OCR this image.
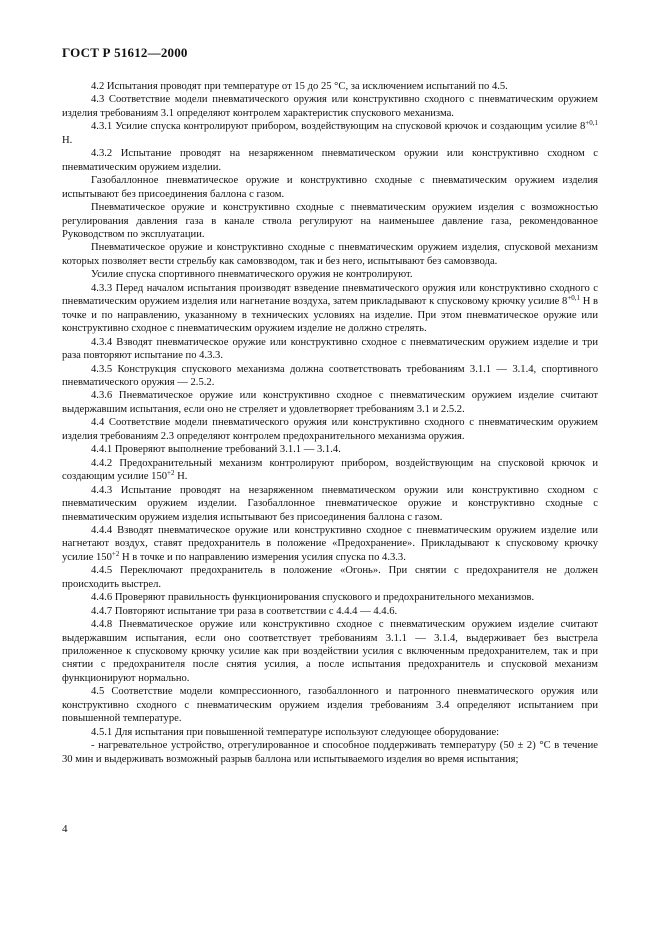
ГОСТ Р 51612—2000

4.2 Испытания проводят при температуре от 15 до 25 °С, за исключением испытаний по 4.5.

4.3 Соответствие модели пневматического оружия или конструктивно сходного с пневматическим оружием изделия требованиям 3.1 определяют контролем характеристик спускового механизма.

4.3.1 Усилие спуска контролируют прибором, воздействующим на спусковой крючок и создающим усилие $8^{+0,1}$ Н.

4.3.2 Испытание проводят на незаряженном пневматическом оружии или конструктивно сходном с пневматическим оружием изделии.

Газобаллонное пневматическое оружие и конструктивно сходные с пневматическим оружием изделия испытывают без присоединения баллона с газом.

Пневматическое оружие и конструктивно сходные с пневматическим оружием изделия с возможностью регулирования давления газа в канале ствола регулируют на наименьшее давление газа, рекомендованное Руководством по эксплуатации.

Пневматическое оружие и конструктивно сходные с пневматическим оружием изделия, спусковой механизм которых позволяет вести стрельбу как самовзводом, так и без него, испытывают без самовзвода.

Усилие спуска спортивного пневматического оружия не контролируют.

4.3.3 Перед началом испытания производят взведение пневматического оружия или конструктивно сходного с пневматическим оружием изделия или нагнетание воздуха, затем прикладывают к спусковому крючку усилие $8^{+0,1}$ Н в точке и по направлению, указанному в технических условиях на изделие. При этом пневматическое оружие или конструктивно сходное с пневматическим оружием изделие не должно стрелять.

4.3.4 Взводят пневматическое оружие или конструктивно сходное с пневматическим оружием изделие и три раза повторяют испытание по 4.3.3.

4.3.5 Конструкция спускового механизма должна соответствовать требованиям 3.1.1 — 3.1.4, спортивного пневматического оружия — 2.5.2.

4.3.6 Пневматическое оружие или конструктивно сходное с пневматическим оружием изделие считают выдержавшим испытания, если оно не стреляет и удовлетворяет требованиям 3.1 и 2.5.2.

4.4 Соответствие модели пневматического оружия или конструктивно сходного с пневматическим оружием изделия требованиям 2.3 определяют контролем предохранительного механизма оружия.

4.4.1 Проверяют выполнение требований 3.1.1 — 3.1.4.

4.4.2 Предохранительный механизм контролируют прибором, воздействующим на спусковой крючок и создающим усилие $150^{+2}$ Н.

4.4.3 Испытание проводят на незаряженном пневматическом оружии или конструктивно сходном с пневматическим оружием изделии. Газобаллонное пневматическое оружие и конструктивно сходные с пневматическим оружием изделия испытывают без присоединения баллона с газом.

4.4.4 Взводят пневматическое оружие или конструктивно сходное с пневматическим оружием изделие или нагнетают воздух, ставят предохранитель в положение «Предохранение». Прикладывают к спусковому крючку усилие $150^{+2}$ Н в точке и по направлению измерения усилия спуска по 4.3.3.

4.4.5 Переключают предохранитель в положение «Огонь». При снятии с предохранителя не должен происходить выстрел.

4.4.6 Проверяют правильность функционирования спускового и предохранительного механизмов.

4.4.7 Повторяют испытание три раза в соответствии с 4.4.4 — 4.4.6.

4.4.8 Пневматическое оружие или конструктивно сходное с пневматическим оружием изделие считают выдержавшим испытания, если оно соответствует требованиям 3.1.1 — 3.1.4, выдерживает без выстрела приложенное к спусковому крючку усилие как при воздействии усилия с включенным предохранителем, так и при снятии с предохранителя после снятия усилия, а после испытания предохранитель и спусковой механизм функционируют нормально.

4.5 Соответствие модели компрессионного, газобаллонного и патронного пневматического оружия или конструктивно сходного с пневматическим оружием изделия требованиям 3.4 определяют испытанием при повышенной температуре.

4.5.1 Для испытания при повышенной температуре используют следующее оборудование:

- нагревательное устройство, отрегулированное и способное поддерживать температуру (50 ± 2) °С в течение 30 мин и выдерживать возможный разрыв баллона или испытываемого изделия во время испытания;

4
